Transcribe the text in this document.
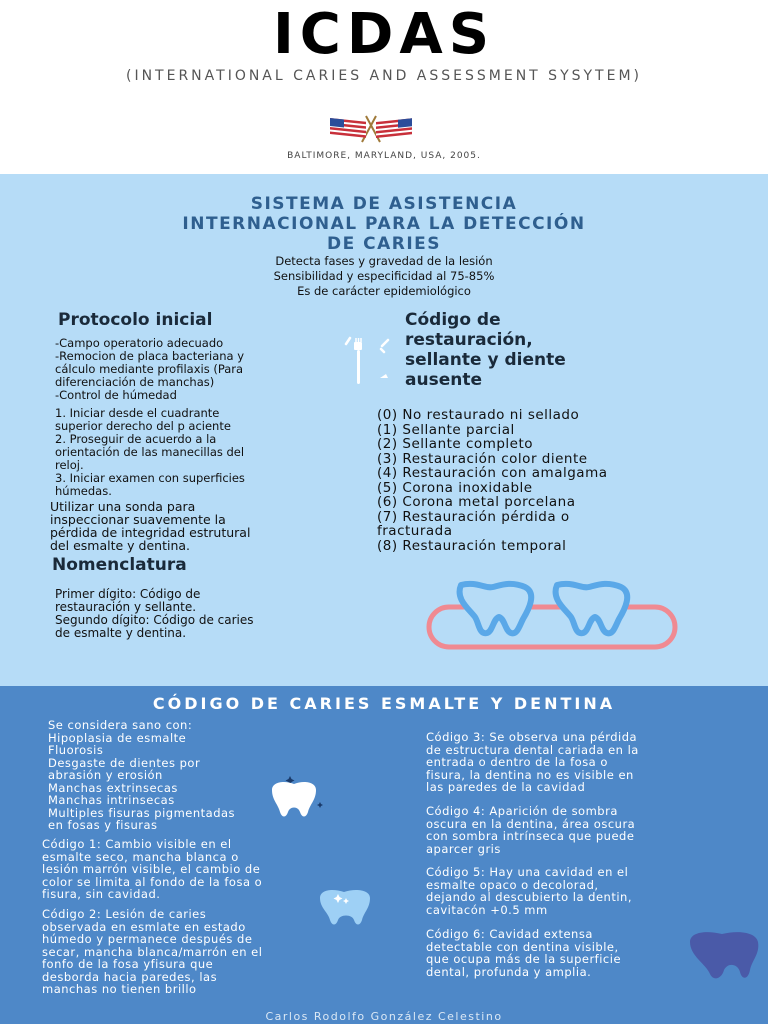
ICDAS
(INTERNATIONAL CARIES AND ASSESSMENT SYSYTEM)
BALTIMORE, MARYLAND, USA, 2005.
SISTEMA DE ASISTENCIA
INTERNACIONAL PARA LA DETECCIÓN
DE CARIES
Detecta fases y gravedad de la lesión
Sensibilidad y especificidad al 75-85%
Es de carácter epidemiológico
Protocolo inicial
-Campo operatorio adecuado
-Remocion de placa bacteriana y
cálculo mediante profilaxis (Para
diferenciación de manchas)
-Control de húmedad
Código de
restauración,
sellante y diente
ausente
1. Iniciar desde el cuadrante
superior derecho del p aciente
2. Proseguir de acuerdo a la
orientación de las manecillas del
reloj.
3. Iniciar examen con superficies
húmedas.
Utilizar una sonda para
inspeccionar suavemente la
pérdida de integridad estrutural
del esmalte y dentina.
(0) No restaurado ni sellado
(1) Sellante parcial
(2) Sellante completo
(3) Restauración color diente
(4) Restauración con amalgama
(5) Corona inoxidable
(6) Corona metal porcelana
(7) Restauración pérdida o
fracturada
(8) Restauración temporal
Nomenclatura
Primer dígito: Código de
restauración y sellante.
Segundo dígito: Código de caries
de esmalte y dentina.
CÓDIGO DE CARIES ESMALTE Y DENTINA
Se considera sano con:
Hipoplasia de esmalte
Fluorosis
Desgaste de dientes por
abrasión y erosión
Manchas extrinsecas
Manchas intrinsecas
Multiples fisuras pigmentadas
en fosas y fisuras
Código 1: Cambio visible en el
esmalte seco, mancha blanca o
lesión marrón visible, el cambio de
color se limita al fondo de la fosa o
fisura, sin cavidad.
Código 2: Lesión de caries
observada en esmlate en estado
húmedo y permanece después de
secar, mancha blanca/marrón en el
fonfo de la fosa yfisura que
desborda hacia paredes, las
manchas no tienen brillo
Código 3: Se observa una pérdida
de estructura dental cariada en la
entrada o dentro de la fosa o
fisura, la dentina no es visible en
las paredes de la cavidad
Código 4: Aparición de sombra
oscura en la dentina, área oscura
con sombra intrínseca que puede
aparcer gris
Código 5: Hay una cavidad en el
esmalte opaco o decolorad,
dejando al descubierto la dentin,
cavitacón +0.5 mm
Código 6: Cavidad extensa
detectable con dentina visible,
que ocupa más de la superficie
dental, profunda y amplia.
Carlos Rodolfo González Celestino
